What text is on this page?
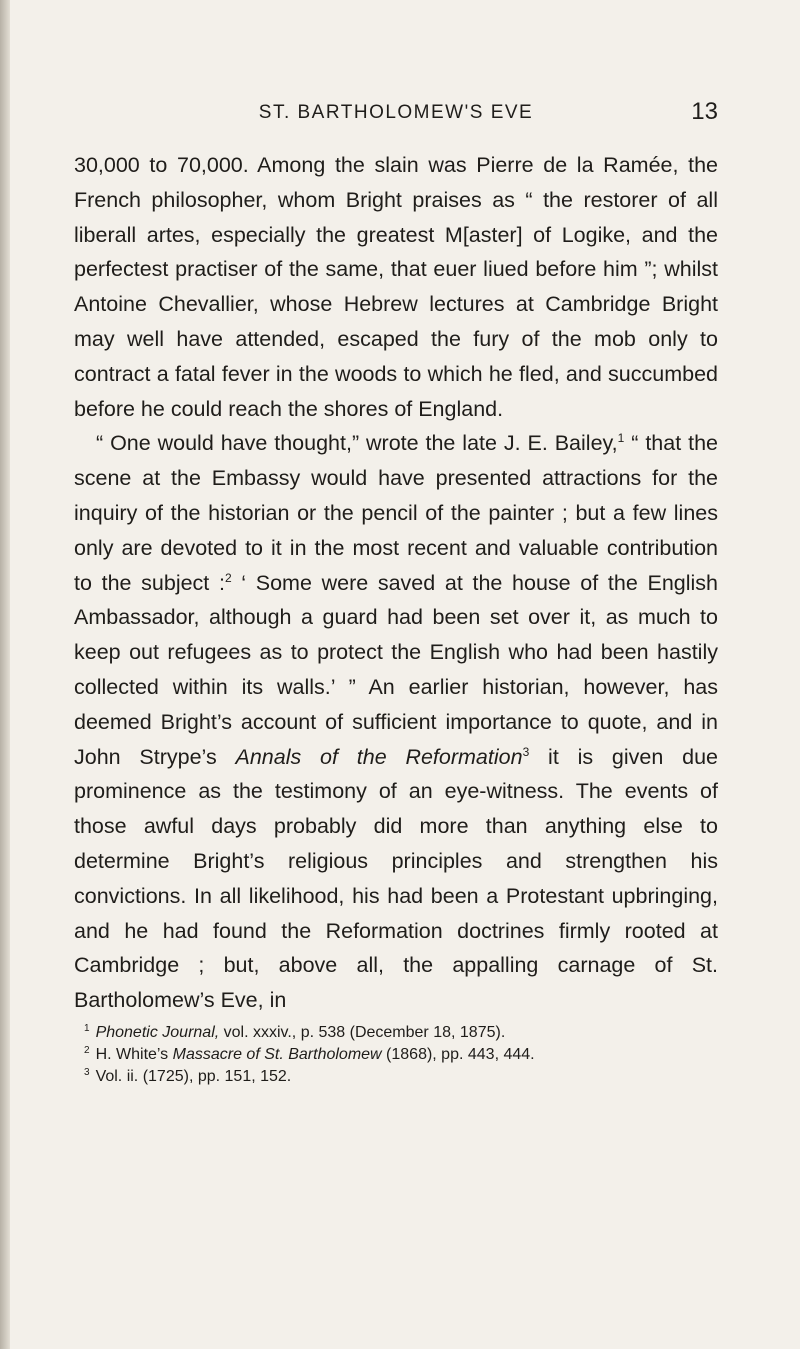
ST. BARTHOLOMEW'S EVE	13

30,000 to 70,000. Among the slain was Pierre de la Ramée, the French philosopher, whom Bright praises as “ the restorer of all liberall artes, especially the greatest M[aster] of Logike, and the perfectest practiser of the same, that euer liued before him ”; whilst Antoine Chevallier, whose Hebrew lectures at Cambridge Bright may well have attended, escaped the fury of the mob only to contract a fatal fever in the woods to which he fled, and succumbed before he could reach the shores of England.

“ One would have thought,” wrote the late J. E. Bailey,$^1$ “ that the scene at the Embassy would have presented attractions for the inquiry of the historian or the pencil of the painter ; but a few lines only are devoted to it in the most recent and valuable contribution to the subject :$^2$ ‘ Some were saved at the house of the English Ambassador, although a guard had been set over it, as much to keep out refugees as to protect the English who had been hastily collected within its walls.’ ” An earlier historian, however, has deemed Bright’s account of sufficient importance to quote, and in John Strype’s Annals of the Reformation$^3$ it is given due prominence as the testimony of an eye-witness. The events of those awful days probably did more than anything else to determine Bright’s religious principles and strengthen his convictions. In all likelihood, his had been a Protestant upbringing, and he had found the Reformation doctrines firmly rooted at Cambridge ; but, above all, the appalling carnage of St. Bartholomew’s Eve, in

$^1$ Phonetic Journal, vol. xxxiv., p. 538 (December 18, 1875).
$^2$ H. White’s Massacre of St. Bartholomew (1868), pp. 443, 444.
$^3$ Vol. ii. (1725), pp. 151, 152.
